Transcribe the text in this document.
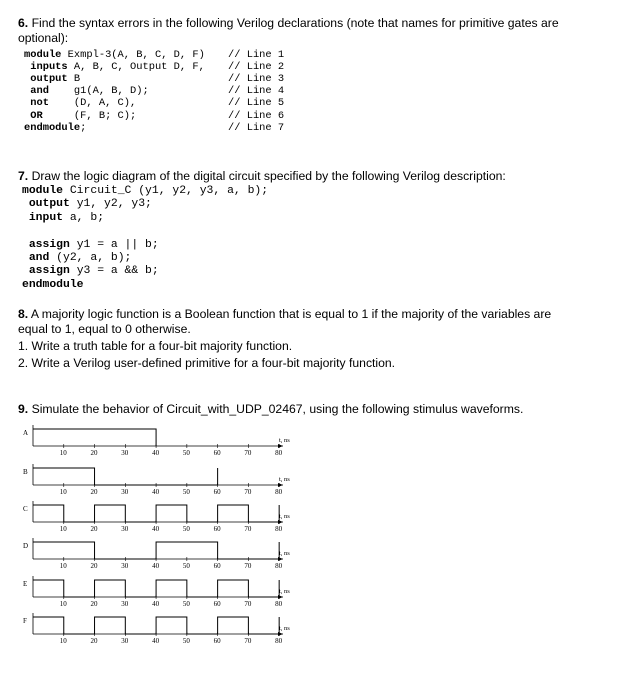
6. Find the syntax errors in the following Verilog declarations (note that names for primitive gates are
optional):
module Exmpl-3(A, B, C, D, F) // Line 1
inputs A, B, C, Output D, F, // Line 2
output B	// Line 3
and    g1(A, B, D);	// Line 4
not    (D, A, C),	// Line 5
OR     (F, B; C);	// Line 6
endmodule;	// Line 7
7. Draw the logic diagram of the digital circuit specified by the following Verilog description:
module Circuit_C (y1, y2, y3, a, b);
output y1, y2, y3;
input a, b;
assign y1 = a || b;
and (y2, a, b);
assign y3 = a && b;
endmodule
8. A majority logic function is a Boolean function that is equal to 1 if the majority of the variables are
equal to 1, equal to 0 otherwise.
1. Write a truth table for a four-bit majority function.
2. Write a Verilog user-defined primitive for a four-bit majority function.
9. Simulate the behavior of Circuit_with_UDP_02467, using the following stimulus waveforms.
A
t, ns
10	20	30	40	50	60	70	80
B
t, ns
10	20	30	40	50	60	70	80
C
t, ns
10	20	30	40	50	60	70	80
D
t, ns
10	20	30	40	50	60	70	80
E
t, ns
10	20	30	40	50	60	70	80
F
t, ns
10	20	30	40	50	60	70	80
